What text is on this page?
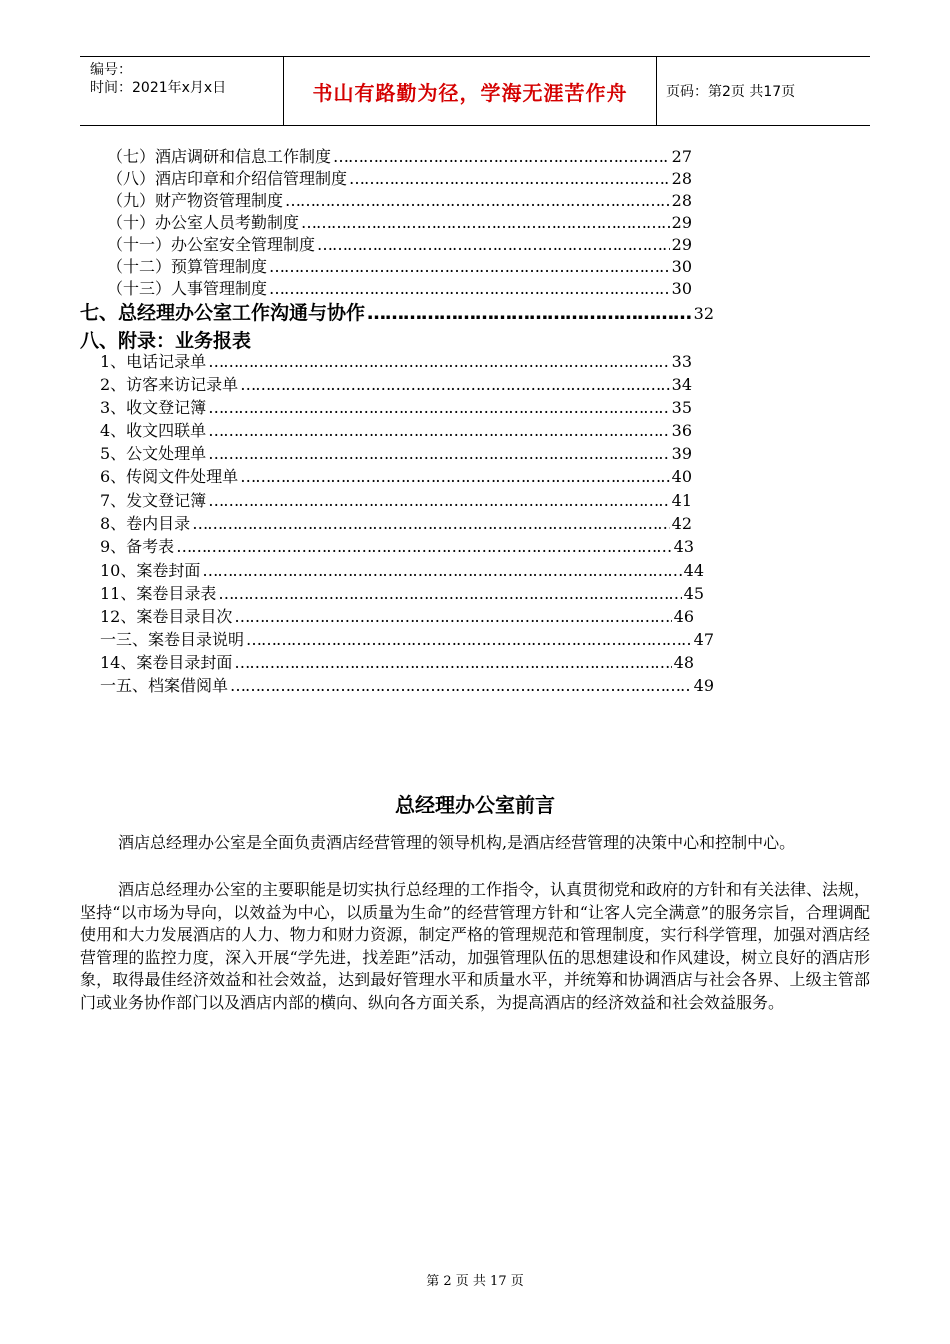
编号：
时间：2021年x月x日	书山有路勤为径，学海无涯苦作舟	页码：第2页 共17页
（七）酒店调研和信息工作制度 ……………………………………………………………………………………………………………………………………………………………………	27
（八）酒店印章和介绍信管理制度 ……………………………………………………………………………………………………………………………………………………………………	28
（九）财产物资管理制度 ……………………………………………………………………………………………………………………………………………………………………	28
（十）办公室人员考勤制度 ……………………………………………………………………………………………………………………………………………………………………	29
（十一）办公室安全管理制度 ……………………………………………………………………………………………………………………………………………………………………	29
（十二）预算管理制度 ……………………………………………………………………………………………………………………………………………………………………	30
（十三）人事管理制度 ……………………………………………………………………………………………………………………………………………………………………	30
七、总经理办公室工作沟通与协作 ……………………………………………………………………………………………………………………………………………………………………	32
八、附录：业务报表
1、电话记录单 ……………………………………………………………………………………………………………………………………………………………………	33
2、访客来访记录单 ……………………………………………………………………………………………………………………………………………………………………	34
3、收文登记簿 ……………………………………………………………………………………………………………………………………………………………………	35
4、收文四联单 ……………………………………………………………………………………………………………………………………………………………………	36
5、公文处理单 ……………………………………………………………………………………………………………………………………………………………………	39
6、传阅文件处理单 ……………………………………………………………………………………………………………………………………………………………………	40
7、发文登记簿 ……………………………………………………………………………………………………………………………………………………………………	41
8、卷内目录 ……………………………………………………………………………………………………………………………………………………………………	42
9、备考表 ……………………………………………………………………………………………………………………………………………………………………	43
10、案卷封面 ……………………………………………………………………………………………………………………………………………………………………	44
11、案卷目录表 ……………………………………………………………………………………………………………………………………………………………………	45
12、案卷目录目次 ……………………………………………………………………………………………………………………………………………………………………	46
一三、案卷目录说明 ……………………………………………………………………………………………………………………………………………………………………	47
14、案卷目录封面 ……………………………………………………………………………………………………………………………………………………………………	48
一五、档案借阅单 ……………………………………………………………………………………………………………………………………………………………………	49
总经理办公室前言

酒店总经理办公室是全面负责酒店经营管理的领导机构,是酒店经营管理的决策中心和控制中心。

酒店总经理办公室的主要职能是切实执行总经理的工作指令，认真贯彻党和政府的方针和有关法律、法规，坚持“以市场为导向，以效益为中心，以质量为生命”的经营管理方针和“让客人完全满意”的服务宗旨，合理调配使用和大力发展酒店的人力、物力和财力资源，制定严格的管理规范和管理制度，实行科学管理，加强对酒店经营管理的监控力度，深入开展“学先进，找差距”活动，加强管理队伍的思想建设和作风建设，树立良好的酒店形象，取得最佳经济效益和社会效益，达到最好管理水平和质量水平，并统筹和协调酒店与社会各界、上级主管部门或业务协作部门以及酒店内部的横向、纵向各方面关系，为提高酒店的经济效益和社会效益服务。

第 2 页 共 17 页
